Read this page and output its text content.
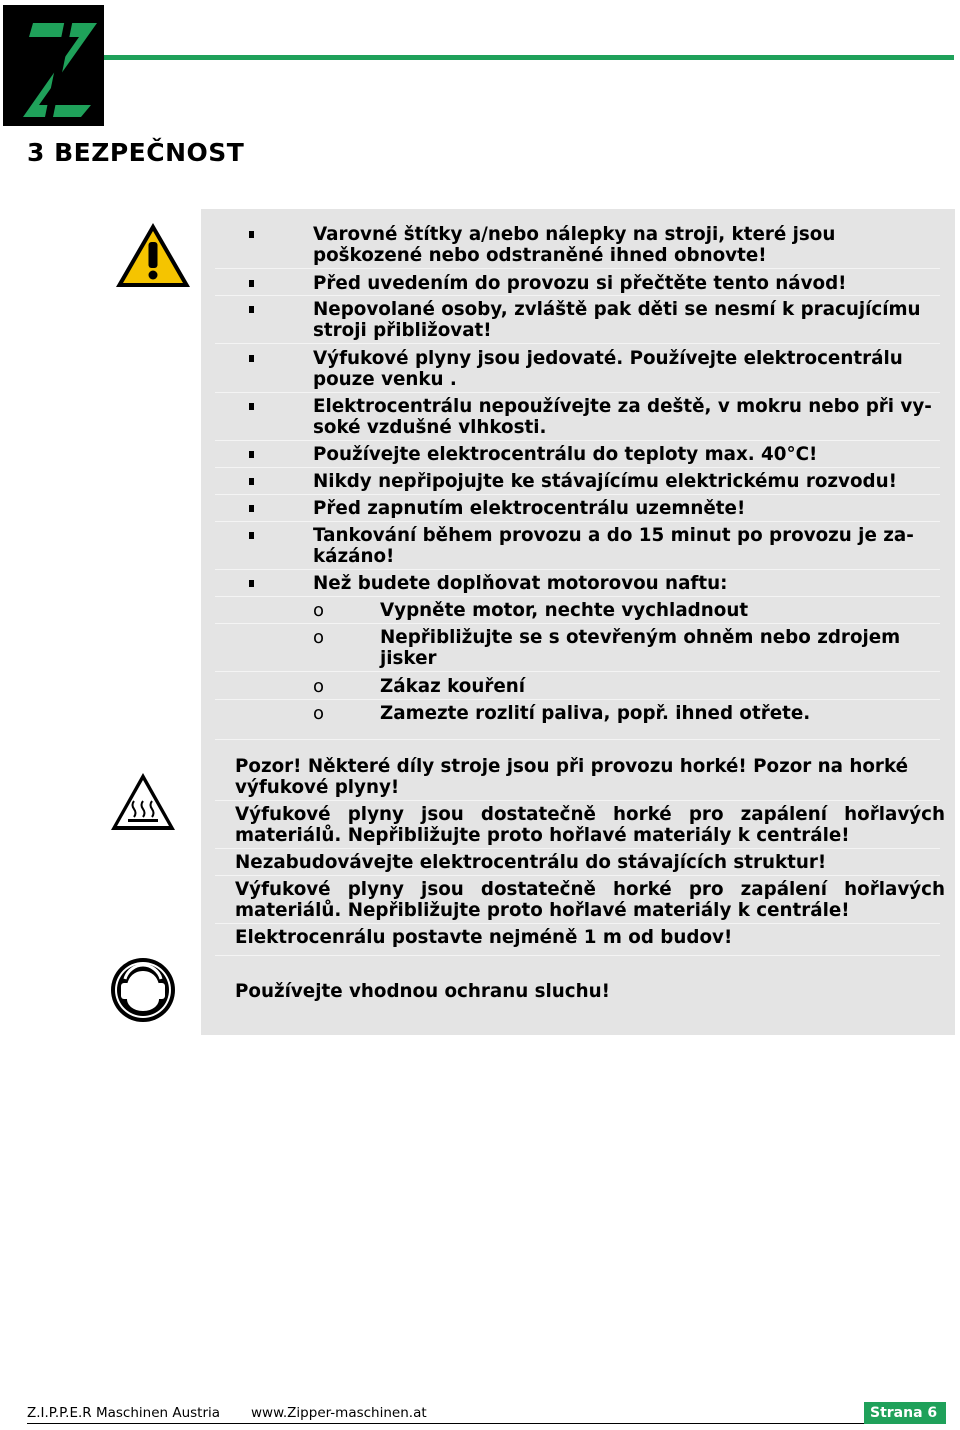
3 BEZPEČNOST
Varovné štítky a/nebo nálepky na stroji, které jsou
poškozené nebo odstraněné ihned obnovte!
Před uvedením do provozu si přečtěte tento návod!
Nepovolané osoby, zvláště pak děti se nesmí k pracujícímu
stroji přibližovat!
Výfukové plyny jsou jedovaté. Používejte elektrocentrálu
pouze venku .
Elektrocentrálu nepoužívejte za deště, v mokru nebo při vy-
soké vzdušné vlhkosti.
Používejte elektrocentrálu do teploty max. 40°C!
Nikdy nepřipojujte ke stávajícímu elektrickému rozvodu!
Před zapnutím elektrocentrálu uzemněte!
Tankování během provozu a do 15 minut po provozu je za-
kázáno!
Než budete doplňovat motorovou naftu:
o	Vypněte motor, nechte vychladnout
o	Nepřibližujte se s otevřeným ohněm nebo zdrojem
jisker
o	Zákaz kouření
o	Zamezte rozlití paliva, popř. ihned otřete.
Pozor! Některé díly stroje jsou při provozu horké! Pozor na horké
výfukové plyny!
Výfukové plyny jsou dostatečně horké pro zapálení hořlavých
materiálů. Nepřibližujte proto hořlavé materiály k centrále!
Nezabudovávejte elektrocentrálu do stávajících struktur!
Výfukové plyny jsou dostatečně horké pro zapálení hořlavých
materiálů. Nepřibližujte proto hořlavé materiály k centrále!
Elektrocenrálu postavte nejméně 1 m od budov!
Používejte vhodnou ochranu sluchu!
Z.I.P.P.E.R Maschinen Austria www.Zipper-maschinen.at	Strana 6
